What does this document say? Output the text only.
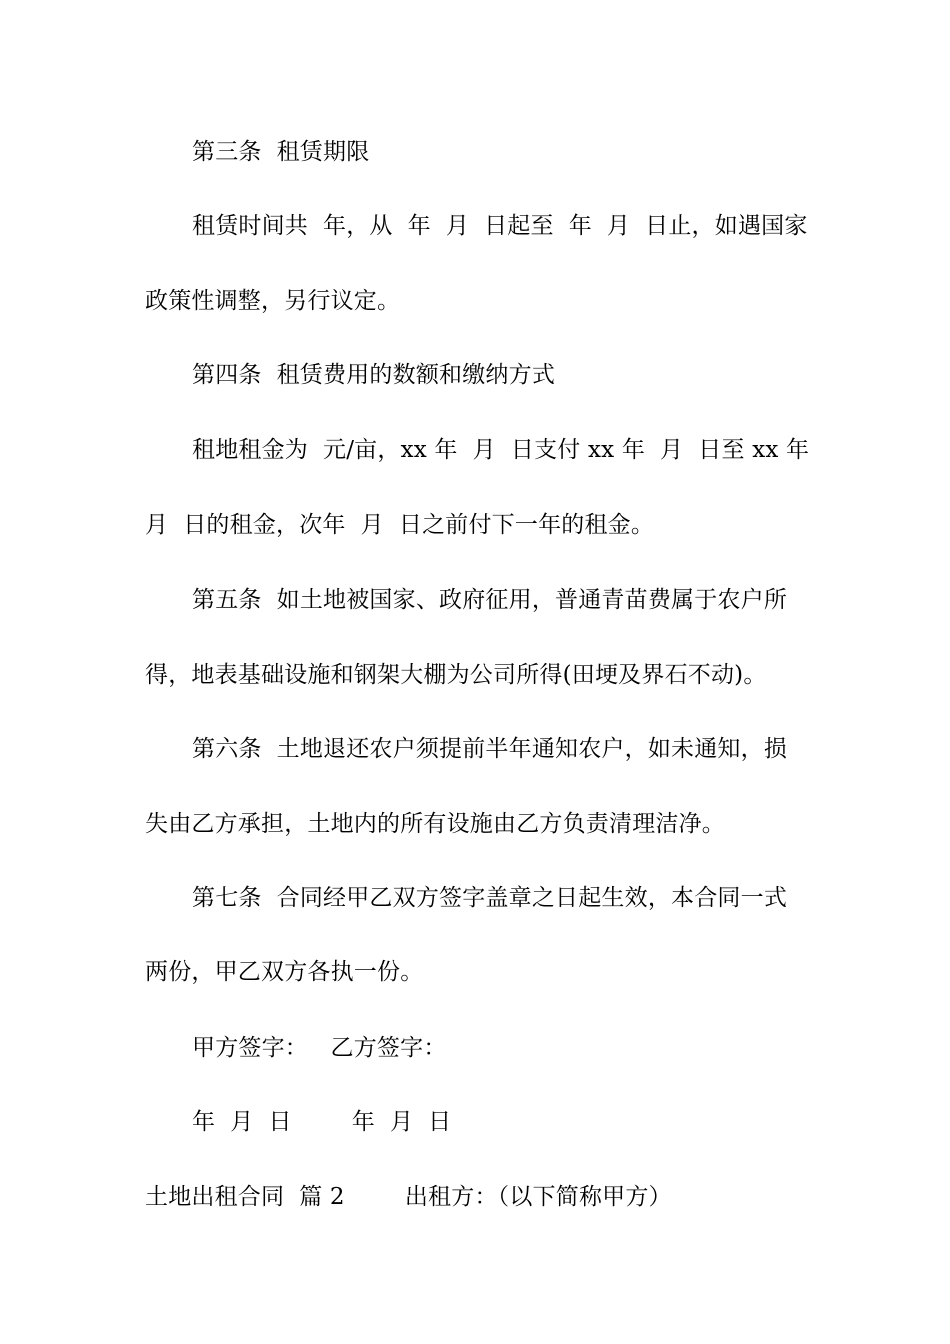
第三条  租赁期限
租赁时间共  年，从  年  月  日起至  年  月  日止，如遇国家
政策性调整，另行议定。
第四条  租赁费用的数额和缴纳方式
租地租金为  元/亩，xx 年  月  日支付 xx 年  月  日至 xx 年
月  日的租金，次年  月  日之前付下一年的租金。
第五条  如土地被国家、政府征用，普通青苗费属于农户所
得，地表基础设施和钢架大棚为公司所得(田埂及界石不动)。
第六条  土地退还农户须提前半年通知农户，如未通知，损
失由乙方承担，土地内的所有设施由乙方负责清理洁净。
第七条  合同经甲乙双方签字盖章之日起生效，本合同一式
两份，甲乙双方各执一份。
甲方签字：   乙方签字：
年  月  日        年  月  日
土地出租合同  篇 2        出租方：（以下简称甲方）
